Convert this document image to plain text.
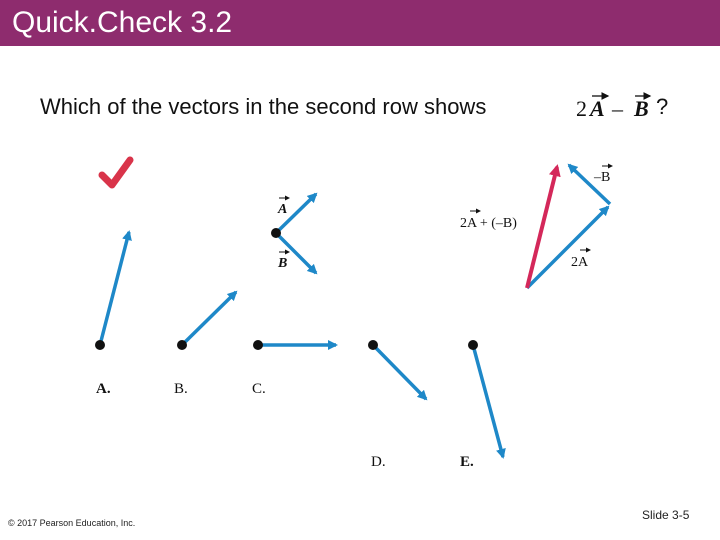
Quick.Check 3.2
Which of the vectors in the second row shows	2 A – B ?
A
B
–B
2A + (–B)
2A
A.	B.	C.
D.	E.
© 2017 Pearson Education, Inc.
Slide 3-5
